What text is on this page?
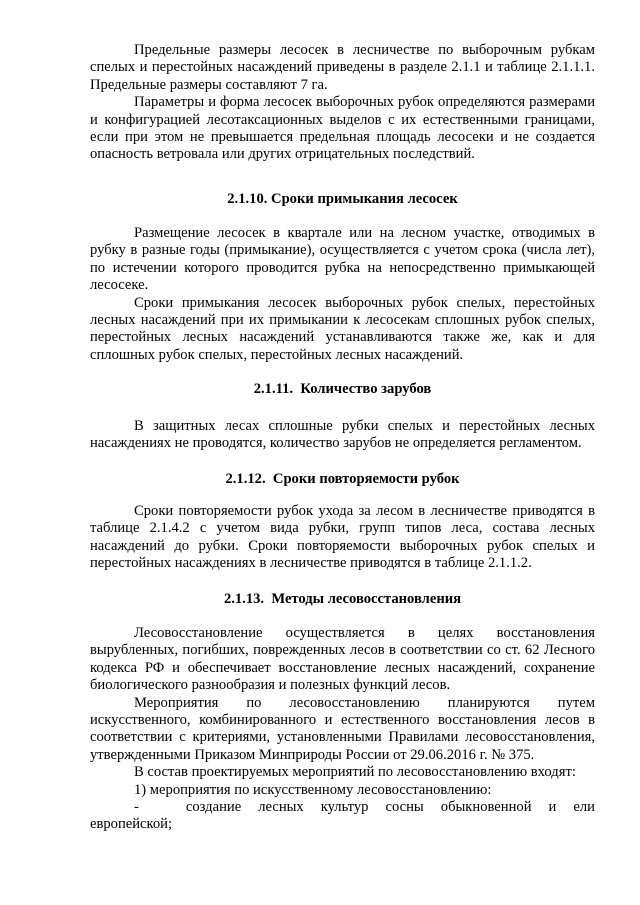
Предельные размеры лесосек в лесничестве по выборочным рубкам спелых и перестойных насаждений приведены в разделе 2.1.1 и таблице 2.1.1.1. Предельные размеры составляют 7 га.

Параметры и форма лесосек выборочных рубок определяются размерами и конфигурацией лесотаксационных выделов с их естественными границами, если при этом не превышается предельная площадь лесосеки и не создается опасность ветровала или других отрицательных последствий.

2.1.10. Сроки примыкания лесосек

Размещение лесосек в квартале или на лесном участке, отводимых в рубку в разные годы (примыкание), осуществляется с учетом срока (числа лет), по истечении которого проводится рубка на непосредственно примыкающей лесосеке.

Сроки примыкания лесосек выборочных рубок спелых, перестойных лесных насаждений при их примыкании к лесосекам сплошных рубок спелых, перестойных лесных насаждений устанавливаются также же, как и для сплошных рубок спелых, перестойных лесных насаждений.

2.1.11.  Количество зарубов

В защитных лесах сплошные рубки спелых и перестойных лесных насаждениях не проводятся, количество зарубов не определяется регламентом.

2.1.12.  Сроки повторяемости рубок

Сроки повторяемости рубок ухода за лесом в лесничестве приводятся в таблице 2.1.4.2 с учетом вида рубки, групп типов леса, состава лесных насаждений до рубки. Сроки повторяемости выборочных рубок спелых и перестойных насаждениях в лесничестве приводятся в таблице 2.1.1.2.

2.1.13.  Методы лесовосстановления

Лесовосстановление осуществляется в целях восстановления вырубленных, погибших, поврежденных лесов в соответствии со ст. 62 Лесного кодекса РФ и обеспечивает восстановление лесных насаждений, сохранение биологического разнообразия и полезных функций лесов.

Мероприятия по лесовосстановлению планируются путем искусственного, комбинированного и естественного восстановления лесов в соответствии с критериями, установленными Правилами лесовосстановления, утвержденными Приказом Минприроды России от 29.06.2016 г. № 375.

В состав проектируемых мероприятий по лесовосстановлению входят:

1) мероприятия по искусственному лесовосстановлению:

-	создание лесных культур сосны обыкновенной и ели

европейской;
